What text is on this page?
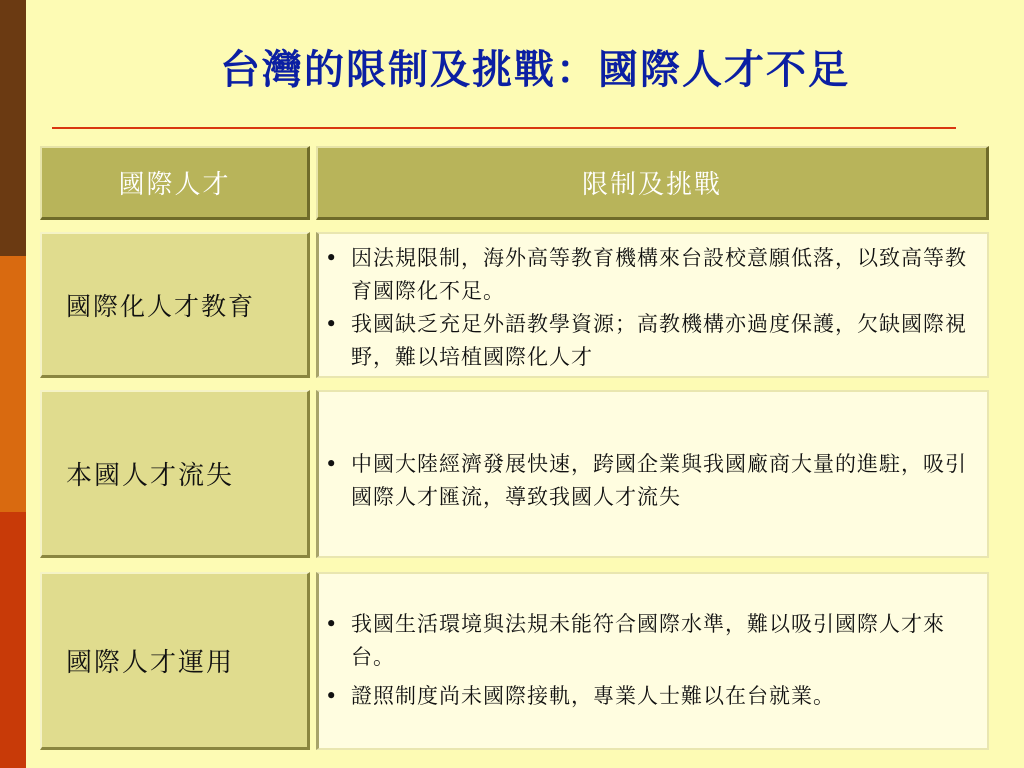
台灣的限制及挑戰：國際人才不足
國際人才	限制及挑戰
國際化人才教育
• 因法規限制，海外高等教育機構來台設校意願低落，以致高等教育國際化不足。
• 我國缺乏充足外語教學資源；高教機構亦過度保護，欠缺國際視野，難以培植國際化人才
本國人才流失
•	中國大陸經濟發展快速，跨國企業與我國廠商大量的進駐，吸引國際人才匯流，導致我國人才流失
國際人才運用
• 我國生活環境與法規未能符合國際水準，難以吸引國際人才來台。
• 證照制度尚未國際接軌，專業人士難以在台就業。
